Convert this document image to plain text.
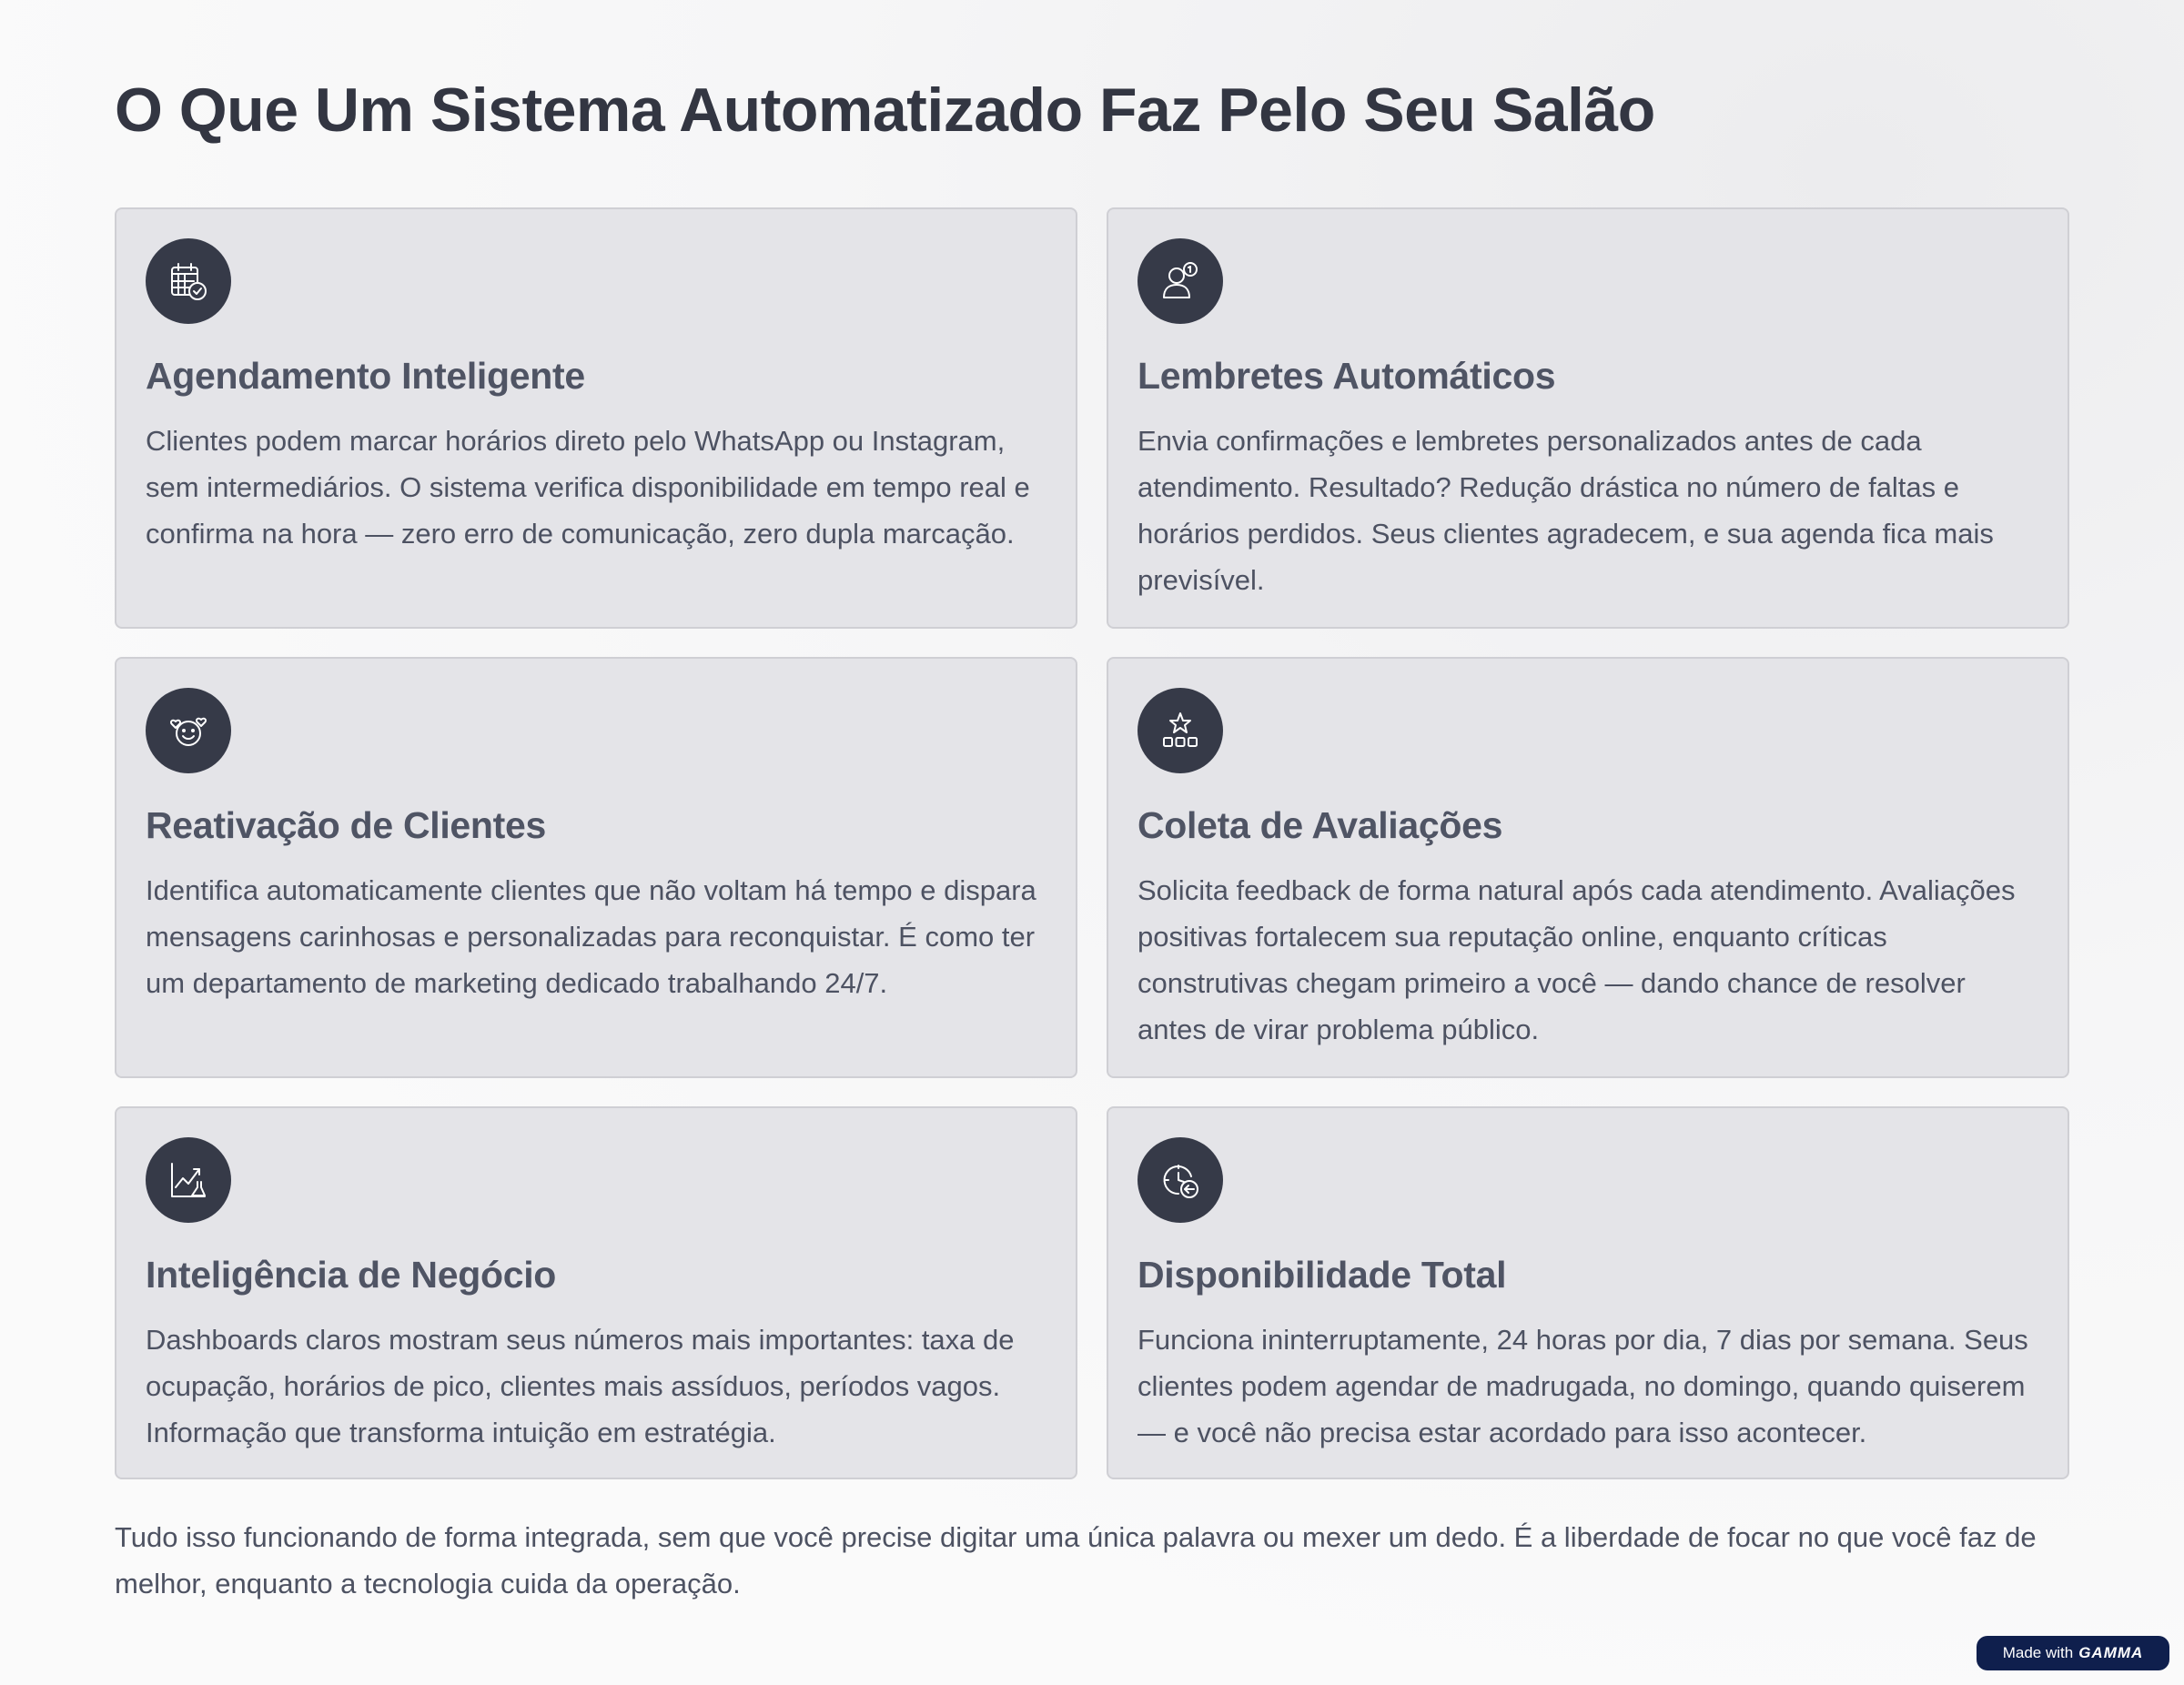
O Que Um Sistema Automatizado Faz Pelo Seu Salão
Agendamento Inteligente

Clientes podem marcar horários direto pelo WhatsApp ou Instagram, sem intermediários. O sistema verifica disponibilidade em tempo real e confirma na hora — zero erro de comunicação, zero dupla marcação.

Lembretes Automáticos

Envia confirmações e lembretes personalizados antes de cada atendimento. Resultado? Redução drástica no número de faltas e horários perdidos. Seus clientes agradecem, e sua agenda fica mais previsível.

Reativação de Clientes

Identifica automaticamente clientes que não voltam há tempo e dispara mensagens carinhosas e personalizadas para reconquistar. É como ter um departamento de marketing dedicado trabalhando 24/7.

Coleta de Avaliações

Solicita feedback de forma natural após cada atendimento. Avaliações positivas fortalecem sua reputação online, enquanto críticas construtivas chegam primeiro a você — dando chance de resolver antes de virar problema público.

Inteligência de Negócio

Dashboards claros mostram seus números mais importantes: taxa de ocupação, horários de pico, clientes mais assíduos, períodos vagos. Informação que transforma intuição em estratégia.

Disponibilidade Total

Funciona ininterruptamente, 24 horas por dia, 7 dias por semana. Seus clientes podem agendar de madrugada, no domingo, quando quiserem — e você não precisa estar acordado para isso acontecer.

Tudo isso funcionando de forma integrada, sem que você precise digitar uma única palavra ou mexer um dedo. É a liberdade de focar no que você faz de melhor, enquanto a tecnologia cuida da operação.

Made with GAMMA
